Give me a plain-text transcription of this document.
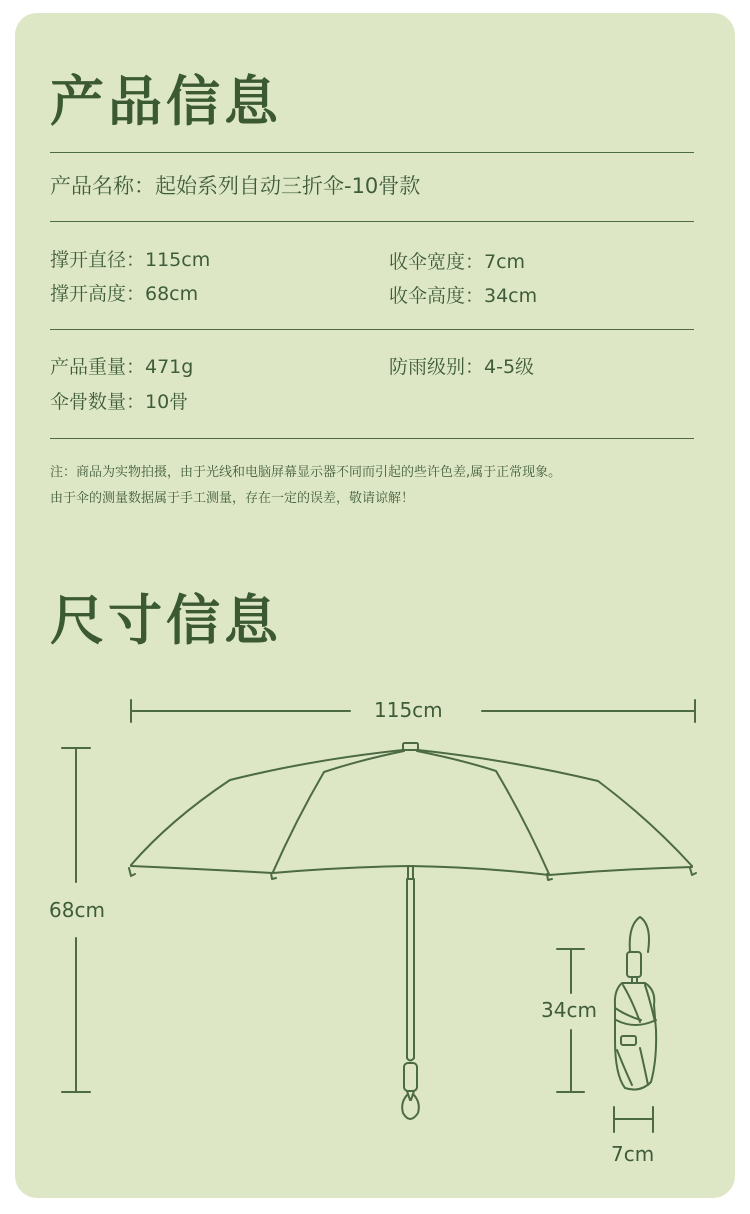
产品信息
产品名称：起始系列自动三折伞-10骨款
撑开直径：115cm	收伞宽度：7cm
撑开高度：68cm	收伞高度：34cm
产品重量：471g	防雨级别：4-5级
伞骨数量：10骨
注：商品为实物拍摄，由于光线和电脑屏幕显示器不同而引起的些许色差,属于正常现象。
由于伞的测量数据属于手工测量，存在一定的误差，敬请谅解！
尺寸信息
115cm
68cm
34cm
7cm
